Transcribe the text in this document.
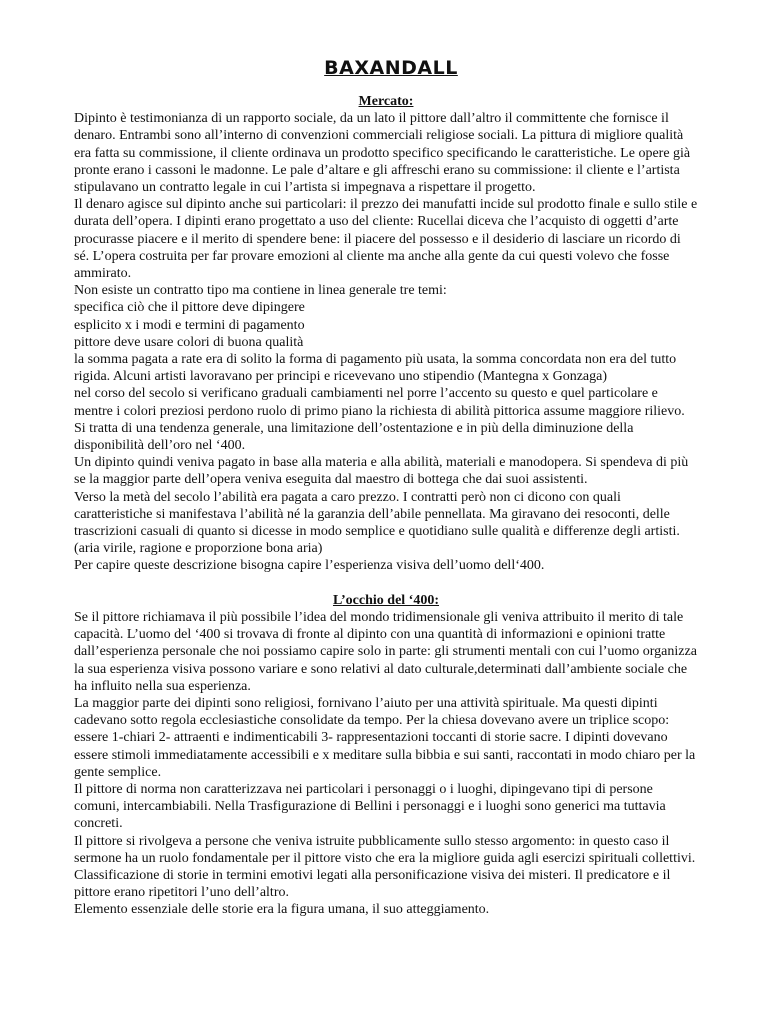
BAXANDALL
Mercato:

Dipinto è testimonianza di un rapporto sociale, da un lato il pittore dall’altro il committente che fornisce il denaro. Entrambi sono all’interno di convenzioni commerciali religiose sociali. La pittura di migliore qualità era fatta su commissione, il cliente ordinava un prodotto specifico specificando le caratteristiche. Le opere già pronte erano i cassoni le madonne. Le pale d’altare e gli affreschi erano su commissione: il cliente e l’artista stipulavano un contratto legale in cui l’artista si impegnava a rispettare il progetto.

Il denaro agisce sul dipinto anche sui particolari: il prezzo dei manufatti incide sul prodotto finale e sullo stile e durata dell’opera. I dipinti erano progettato a uso del cliente: Rucellai diceva che l’acquisto di oggetti d’arte procurasse piacere e il merito di spendere bene: il piacere del possesso e il desiderio di lasciare un ricordo di sé. L’opera costruita per far provare emozioni al cliente ma anche alla gente da cui questi volevo che fosse ammirato.

Non esiste un contratto tipo ma contiene in linea generale tre temi:

specifica ciò che il pittore deve dipingere

esplicito x i modi e termini di pagamento

pittore deve usare colori di buona qualità

la somma pagata a rate era di solito la forma di pagamento più usata, la somma concordata non era del tutto rigida. Alcuni artisti lavoravano per principi e ricevevano uno stipendio (Mantegna x Gonzaga)

nel corso del secolo si verificano graduali cambiamenti nel porre l’accento su questo e quel particolare e mentre i colori preziosi perdono ruolo di primo piano la richiesta di abilità pittorica assume maggiore rilievo. Si tratta di una tendenza generale, una limitazione dell’ostentazione e in più della diminuzione della disponibilità dell’oro nel ‘400.

Un dipinto quindi veniva pagato in base alla materia e alla abilità, materiali e manodopera. Si spendeva di più se la maggior parte dell’opera veniva eseguita dal maestro di bottega che dai suoi assistenti.

Verso la metà del secolo l’abilità era pagata a caro prezzo. I contratti però non ci dicono con quali caratteristiche si manifestava l’abilità né la garanzia dell’abile pennellata. Ma giravano dei resoconti, delle trascrizioni casuali di quanto si dicesse in modo semplice e quotidiano sulle qualità e differenze degli artisti. (aria virile, ragione e proporzione bona aria)

Per capire queste descrizione bisogna capire l’esperienza visiva dell’uomo dell‘400.

L’occhio del ‘400:

Se il pittore richiamava il più possibile l’idea del mondo tridimensionale gli veniva attribuito il merito di tale capacità. L’uomo del ‘400 si trovava di fronte al dipinto con una quantità di informazioni e opinioni tratte dall’esperienza personale che noi possiamo capire solo in parte: gli strumenti mentali con cui l’uomo organizza la sua esperienza visiva possono variare e sono relativi al dato culturale,determinati dall’ambiente sociale che ha influito nella sua esperienza.

La maggior parte dei dipinti sono religiosi, fornivano l’aiuto per una attività spirituale. Ma questi dipinti cadevano sotto regola ecclesiastiche consolidate da tempo. Per la chiesa dovevano avere un triplice scopo: essere 1-chiari 2- attraenti e indimenticabili 3- rappresentazioni toccanti di storie sacre. I dipinti dovevano essere stimoli immediatamente accessibili e x meditare sulla bibbia e sui santi, raccontati in modo chiaro per la gente semplice.

Il pittore di norma non caratterizzava nei particolari i personaggi o i luoghi, dipingevano tipi di persone comuni, intercambiabili. Nella Trasfigurazione di Bellini i personaggi e i luoghi sono generici ma tuttavia concreti.

Il pittore si rivolgeva a persone che veniva istruite pubblicamente sullo stesso argomento: in questo caso il sermone ha un ruolo fondamentale per il pittore visto che era la migliore guida agli esercizi spirituali collettivi. Classificazione di storie in termini emotivi legati alla personificazione visiva dei misteri. Il predicatore e il pittore erano ripetitori l’uno dell’altro.

Elemento essenziale delle storie era la figura umana, il suo atteggiamento.
